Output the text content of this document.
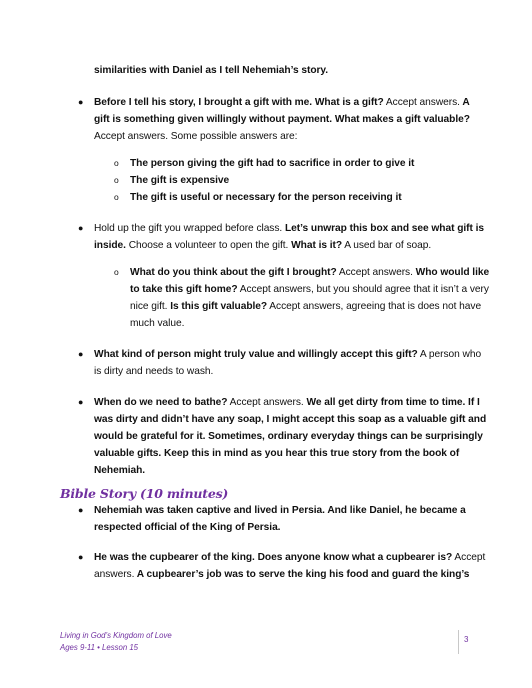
similarities with Daniel as I tell Nehemiah’s story.
● Before I tell his story, I brought a gift with me. What is a gift? Accept answers. A
gift is something given willingly without payment. What makes a gift valuable?
Accept answers. Some possible answers are:
o The person giving the gift had to sacrifice in order to give it
o The gift is expensive
o The gift is useful or necessary for the person receiving it
● Hold up the gift you wrapped before class. Let’s unwrap this box and see what gift is
inside. Choose a volunteer to open the gift. What is it? A used bar of soap.
o What do you think about the gift I brought? Accept answers. Who would like
to take this gift home? Accept answers, but you should agree that it isn’t a very
nice gift. Is this gift valuable? Accept answers, agreeing that is does not have
much value.
● What kind of person might truly value and willingly accept this gift? A person who
is dirty and needs to wash.
● When do we need to bathe? Accept answers. We all get dirty from time to time. If I
was dirty and didn’t have any soap, I might accept this soap as a valuable gift and
would be grateful for it. Sometimes, ordinary everyday things can be surprisingly
valuable gifts. Keep this in mind as you hear this true story from the book of
Nehemiah.
Bible Story (10 minutes)
● Nehemiah was taken captive and lived in Persia. And like Daniel, he became a
respected official of the King of Persia.
● He was the cupbearer of the king. Does anyone know what a cupbearer is? Accept
answers. A cupbearer’s job was to serve the king his food and guard the king’s
Living in God’s Kingdom of Love
Ages 9-11 • Lesson 15
3
